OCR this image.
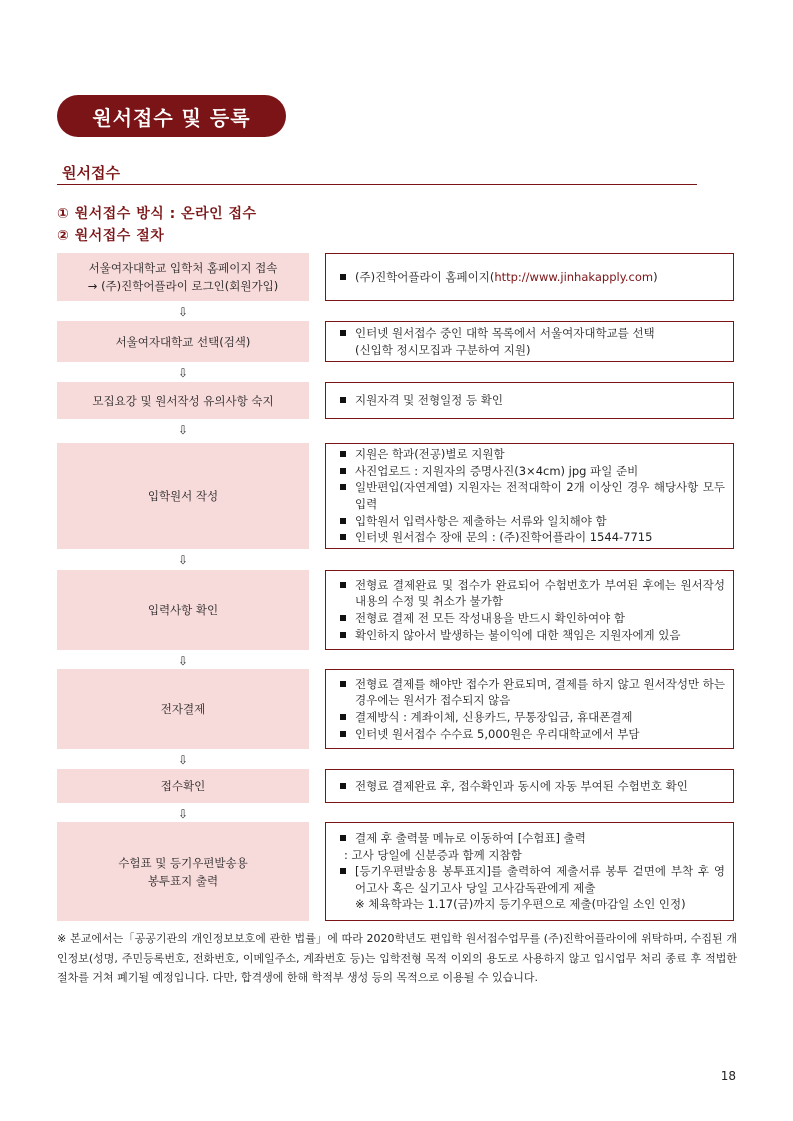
원서접수 및 등록
원서접수
① 원서접수 방식 : 온라인 접수
② 원서접수 절차
서울여자대학교 입학처 홈페이지 접속
→ (주)진학어플라이 로그인(회원가입)
(주)진학어플라이 홈페이지(http://www.jinhakapply.com)
서울여자대학교 선택(검색)
인터넷 원서접수 중인 대학 목록에서 서울여자대학교를 선택
(신입학 정시모집과 구분하여 지원)
모집요강 및 원서작성 유의사항 숙지	지원자격 및 전형일정 등 확인
입학원서 작성
지원은 학과(전공)별로 지원함
사진업로드 : 지원자의 증명사진(3×4cm) jpg 파일 준비
일반편입(자연계열) 지원자는 전적대학이 2개 이상인 경우 해당사항 모두 입력
입학원서 입력사항은 제출하는 서류와 일치해야 함
인터넷 원서접수 장애 문의 : (주)진학어플라이 1544-7715
입력사항 확인
전형료 결제완료 및 접수가 완료되어 수험번호가 부여된 후에는 원서작성 내용의 수정 및 취소가 불가함
전형료 결제 전 모든 작성내용을 반드시 확인하여야 함
확인하지 않아서 발생하는 불이익에 대한 책임은 지원자에게 있음
전자결제
전형료 결제를 해야만 접수가 완료되며, 결제를 하지 않고 원서작성만 하는 경우에는 원서가 접수되지 않음
결제방식 : 계좌이체, 신용카드, 무통장입금, 휴대폰결제
인터넷 원서접수 수수료 5,000원은 우리대학교에서 부담
접수확인	전형료 결제완료 후, 접수확인과 동시에 자동 부여된 수험번호 확인
수험표 및 등기우편발송용
봉투표지 출력
결제 후 출력물 메뉴로 이동하여 [수험표] 출력
: 고사 당일에 신분증과 함께 지참함
[등기우편발송용 봉투표지]를 출력하여 제출서류 봉투 겉면에 부착 후 영어고사 혹은 실기고사 당일 고사감독관에게 제출
※ 체육학과는 1.17(금)까지 등기우편으로 제출(마감일 소인 인정)
⇩
⇩
⇩
⇩
⇩
⇩
⇩

※ 본교에서는「공공기관의 개인정보보호에 관한 법률」에 따라 2020학년도 편입학 원서접수업무를 (주)진학어플라이에 위탁하며, 수집된 개인정보(성명, 주민등록번호, 전화번호, 이메일주소, 계좌번호 등)는 입학전형 목적 이외의 용도로 사용하지 않고 입시업무 처리 종료 후 적법한 절차를 거쳐 폐기될 예정입니다. 다만, 합격생에 한해 학적부 생성 등의 목적으로 이용될 수 있습니다.
18
